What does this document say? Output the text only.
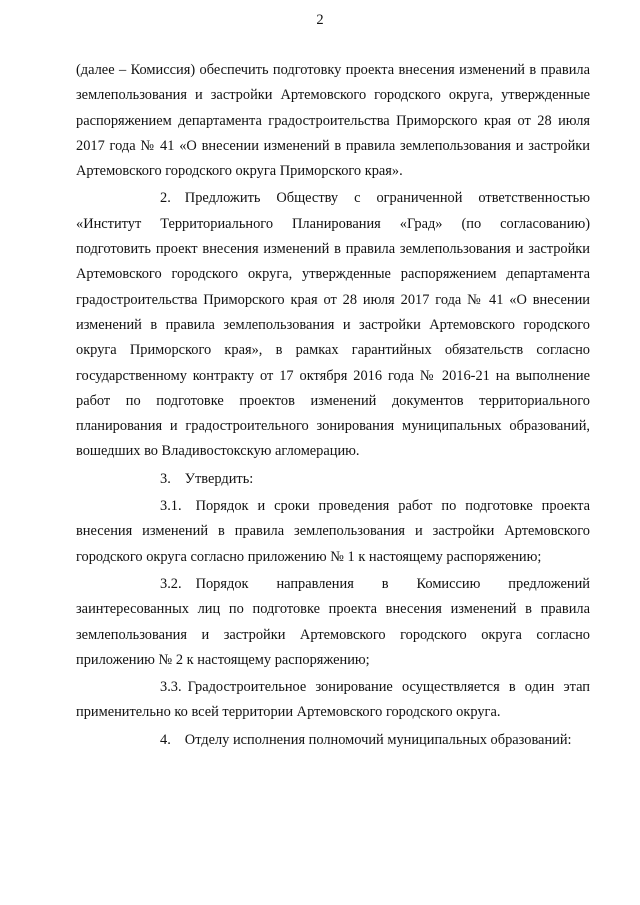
2

(далее – Комиссия) обеспечить подготовку проекта внесения изменений в правила землепользования и застройки Артемовского городского округа, утвержденные распоряжением департамента градостроительства Приморского края от 28 июля 2017 года № 41 «О внесении изменений в правила землепользования и застройки Артемовского городского округа Приморского края».

2. Предложить Обществу с ограниченной ответственностью «Институт Территориального Планирования «Град» (по согласованию) подготовить проект внесения изменений в правила землепользования и застройки Артемовского городского округа, утвержденные распоряжением департамента градостроительства Приморского края от 28 июля 2017 года № 41 «О внесении изменений в правила землепользования и застройки Артемовского городского округа Приморского края», в рамках гарантийных обязательств согласно государственному контракту от 17 октября 2016 года № 2016-21 на выполнение работ по подготовке проектов изменений документов территориального планирования и градостроительного зонирования муниципальных образований, вошедших во Владивостокскую агломерацию.

3. Утвердить:

3.1. Порядок и сроки проведения работ по подготовке проекта внесения изменений в правила землепользования и застройки Артемовского городского округа согласно приложению № 1 к настоящему распоряжению;

3.2. Порядок направления в Комиссию предложений заинтересованных лиц по подготовке проекта внесения изменений в правила землепользования и застройки Артемовского городского округа согласно приложению № 2 к настоящему распоряжению;

3.3. Градостроительное зонирование осуществляется в один этап применительно ко всей территории Артемовского городского округа.

4. Отделу исполнения полномочий муниципальных образований:
